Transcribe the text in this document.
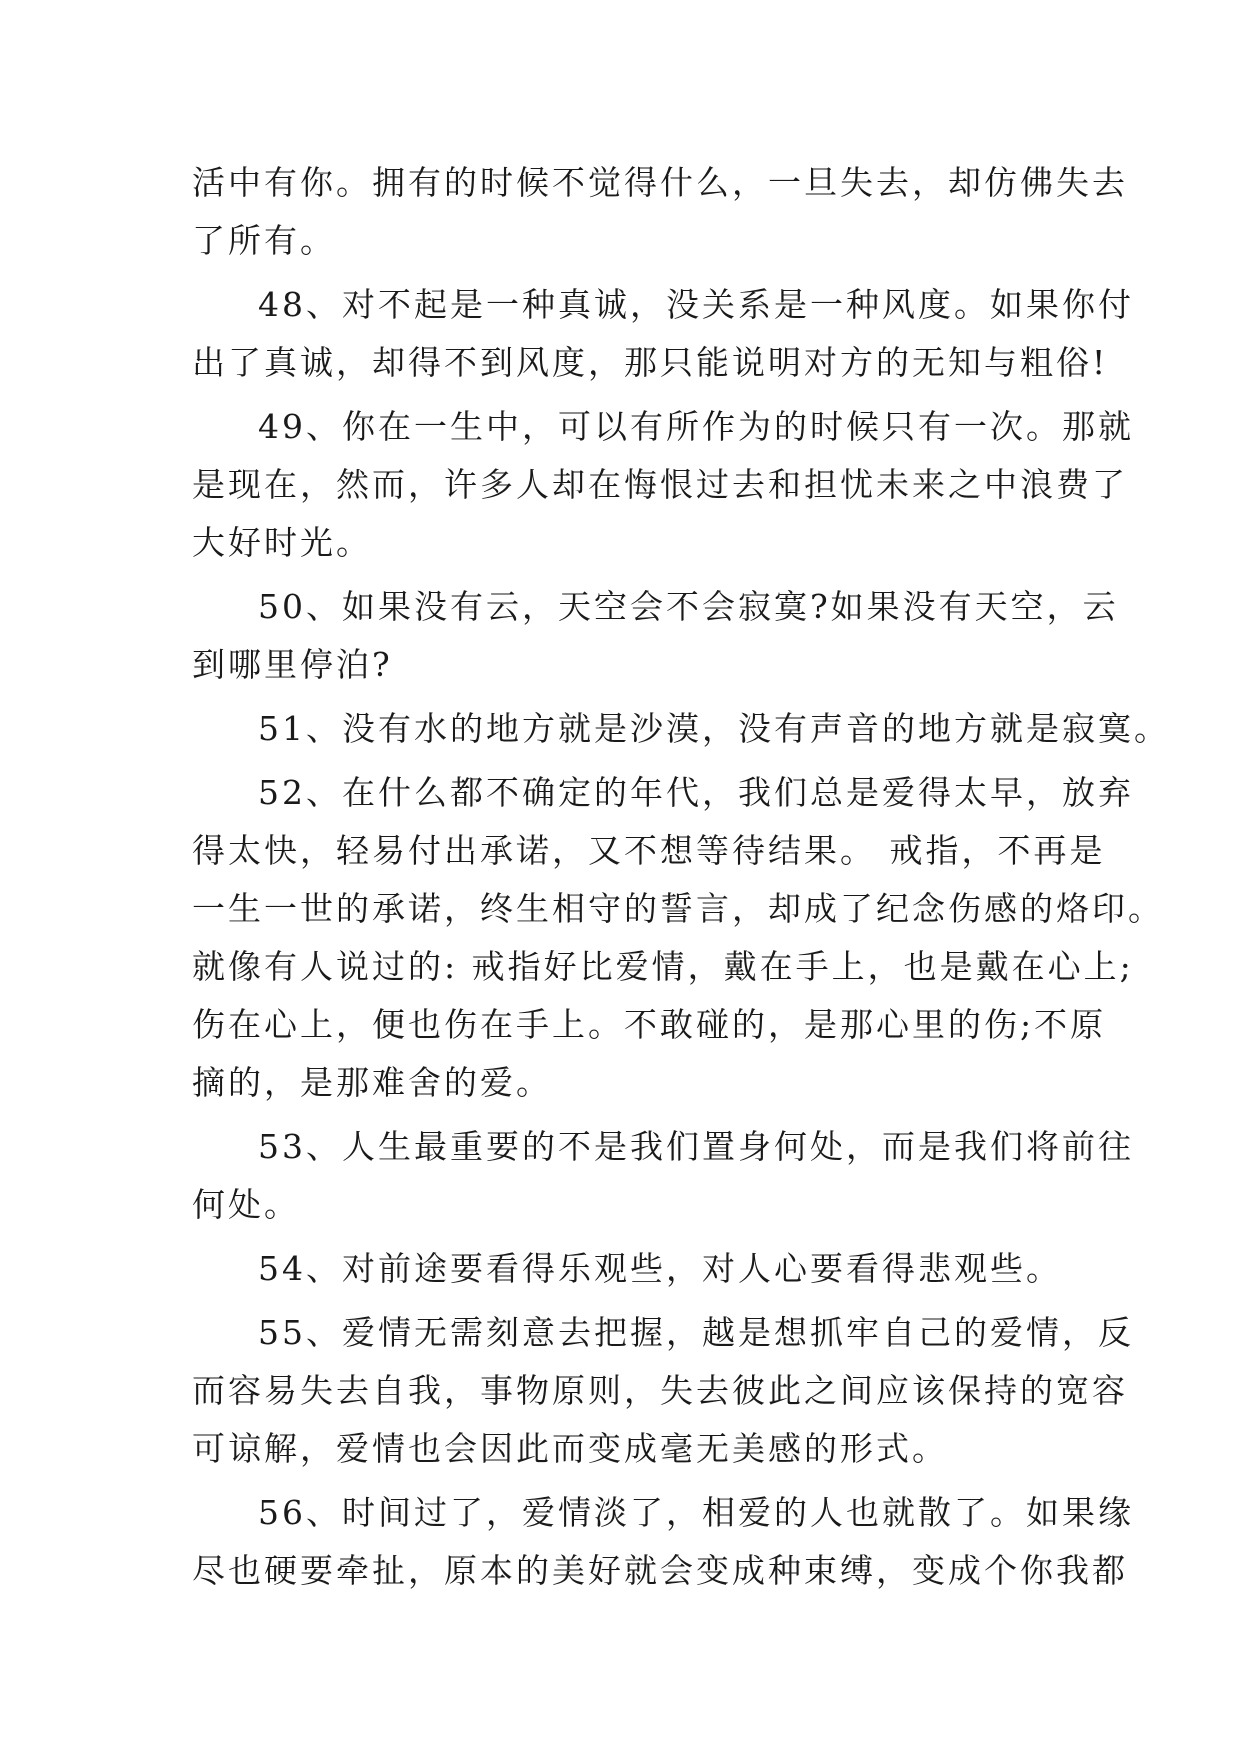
活中有你。拥有的时候不觉得什么，一旦失去，却仿佛失去
了所有。
48、对不起是一种真诚，没关系是一种风度。如果你付
出了真诚，却得不到风度，那只能说明对方的无知与粗俗!
49、你在一生中，可以有所作为的时候只有一次。那就
是现在，然而，许多人却在悔恨过去和担忧未来之中浪费了
大好时光。
50、如果没有云，天空会不会寂寞?如果没有天空，云
到哪里停泊?
51、没有水的地方就是沙漠，没有声音的地方就是寂寞。
52、在什么都不确定的年代，我们总是爱得太早，放弃
得太快，轻易付出承诺，又不想等待结果。 戒指，不再是
一生一世的承诺，终生相守的誓言，却成了纪念伤感的烙印。
就像有人说过的: 戒指好比爱情，戴在手上，也是戴在心上;
伤在心上，便也伤在手上。不敢碰的，是那心里的伤;不原
摘的，是那难舍的爱。
53、人生最重要的不是我们置身何处，而是我们将前往
何处。
54、对前途要看得乐观些，对人心要看得悲观些。
55、爱情无需刻意去把握，越是想抓牢自己的爱情，反
而容易失去自我，事物原则，失去彼此之间应该保持的宽容
可谅解，爱情也会因此而变成毫无美感的形式。
56、时间过了，爱情淡了，相爱的人也就散了。如果缘
尽也硬要牵扯，原本的美好就会变成种束缚，变成个你我都
